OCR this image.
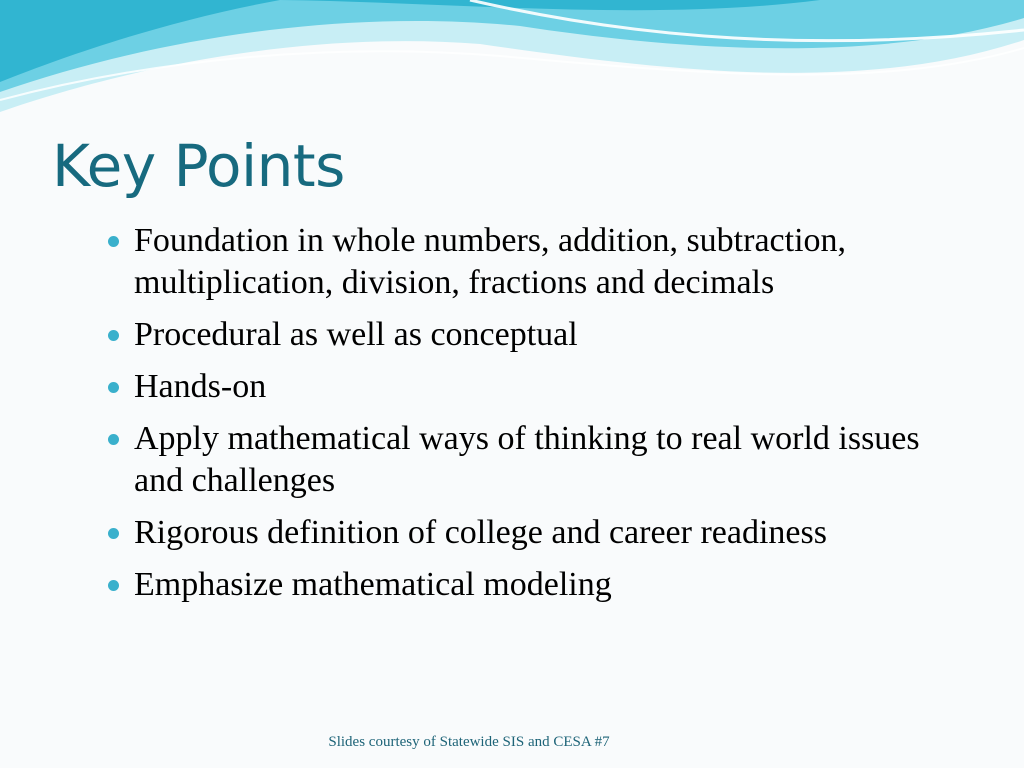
Key Points
Foundation in whole numbers, addition, subtraction, multiplication, division, fractions and decimals
Procedural as well as conceptual
Hands-on
Apply mathematical ways of thinking to real world issues and challenges
Rigorous definition of college and career readiness
Emphasize mathematical modeling
Slides courtesy of Statewide SIS and CESA #7
